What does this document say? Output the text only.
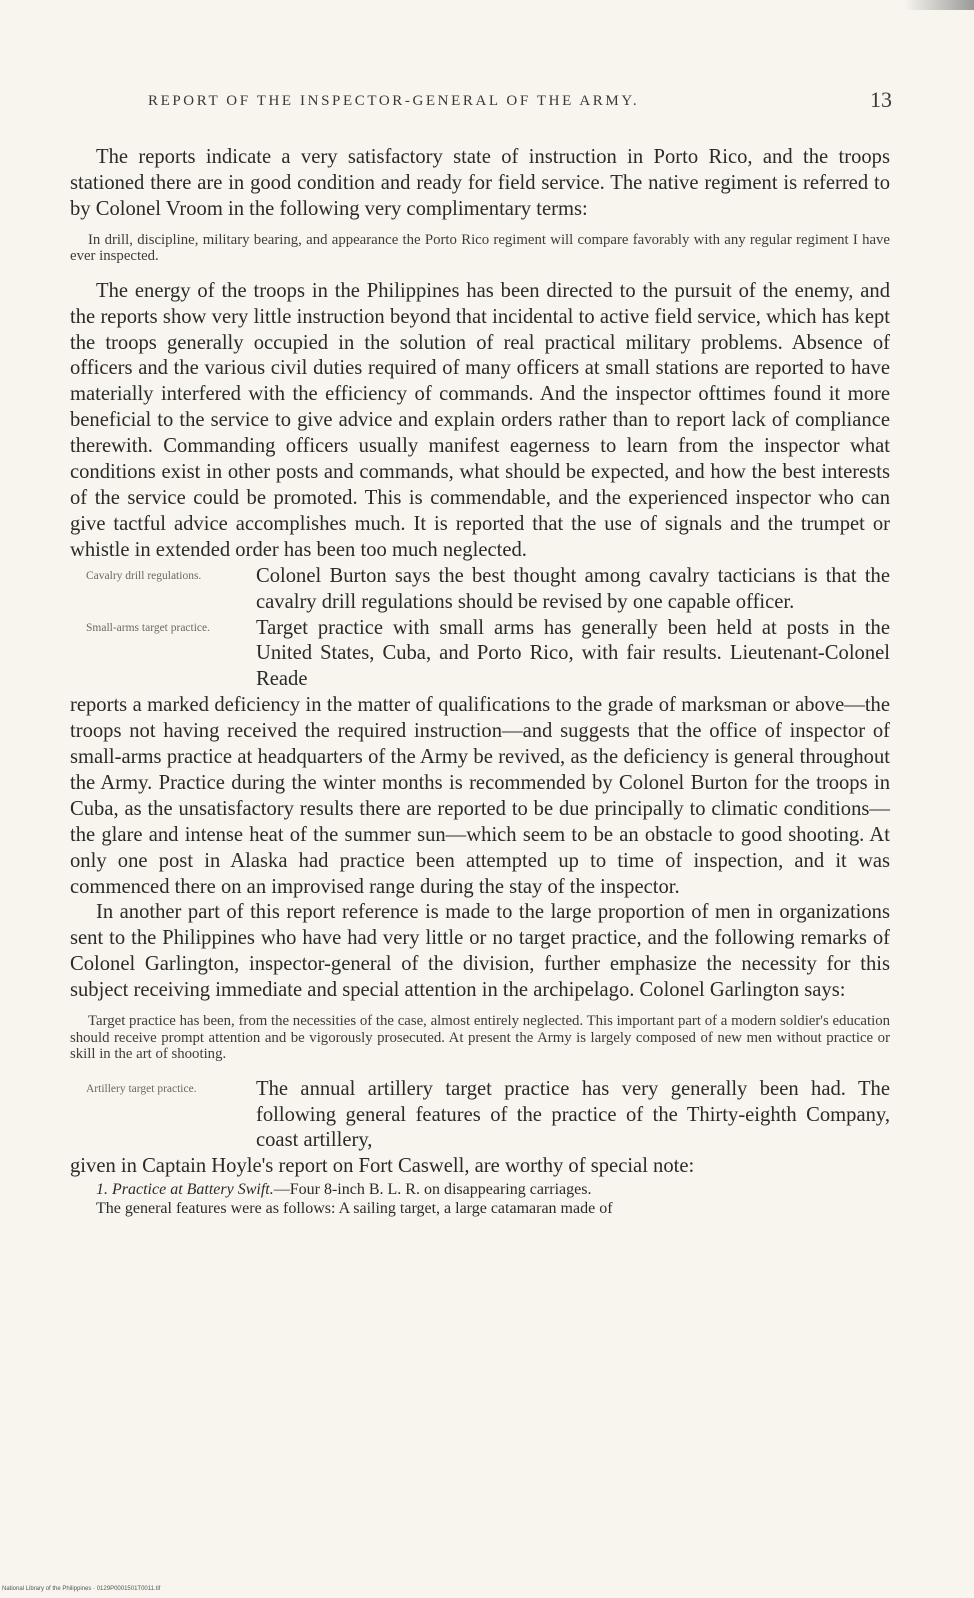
REPORT OF THE INSPECTOR-GENERAL OF THE ARMY.	13

The reports indicate a very satisfactory state of instruction in Porto Rico, and the troops stationed there are in good condition and ready for field service. The native regiment is referred to by Colonel Vroom in the following very complimentary terms:

In drill, discipline, military bearing, and appearance the Porto Rico regiment will compare favorably with any regular regiment I have ever inspected.

The energy of the troops in the Philippines has been directed to the pursuit of the enemy, and the reports show very little instruction beyond that incidental to active field service, which has kept the troops generally occupied in the solution of real practical military problems. Absence of officers and the various civil duties required of many officers at small stations are reported to have materially interfered with the efficiency of commands. And the inspector ofttimes found it more beneficial to the service to give advice and explain orders rather than to report lack of compliance therewith. Commanding officers usually manifest eagerness to learn from the inspector what conditions exist in other posts and commands, what should be expected, and how the best interests of the service could be promoted. This is commendable, and the experienced inspector who can give tactful advice accomplishes much. It is reported that the use of signals and the trumpet or whistle in extended order has been too much neglected.

Cavalry drill regulations.	Colonel Burton says the best thought among cavalry tacticians is that the cavalry drill regulations should be revised by one capable officer.

Small-arms target practice.	Target practice with small arms has generally been held at posts in the United States, Cuba, and Porto Rico, with fair results. Lieutenant-Colonel Reade

reports a marked deficiency in the matter of qualifications to the grade of marksman or above—the troops not having received the required instruction—and suggests that the office of inspector of small-arms practice at headquarters of the Army be revived, as the deficiency is general throughout the Army. Practice during the winter months is recommended by Colonel Burton for the troops in Cuba, as the unsatisfactory results there are reported to be due principally to climatic conditions—the glare and intense heat of the summer sun—which seem to be an obstacle to good shooting. At only one post in Alaska had practice been attempted up to time of inspection, and it was commenced there on an improvised range during the stay of the inspector.

In another part of this report reference is made to the large proportion of men in organizations sent to the Philippines who have had very little or no target practice, and the following remarks of Colonel Garlington, inspector-general of the division, further emphasize the necessity for this subject receiving immediate and special attention in the archipelago. Colonel Garlington says:

Target practice has been, from the necessities of the case, almost entirely neglected. This important part of a modern soldier's education should receive prompt attention and be vigorously prosecuted. At present the Army is largely composed of new men without practice or skill in the art of shooting.

Artillery target practice.	The annual artillery target practice has very generally been had. The following general features of the practice of the Thirty-eighth Company, coast artillery,

given in Captain Hoyle's report on Fort Caswell, are worthy of special note:

1. Practice at Battery Swift.—Four 8-inch B. L. R. on disappearing carriages.

The general features were as follows: A sailing target, a large catamaran made of

National Library of the Philippines · 0129P0001501T0011.tif
